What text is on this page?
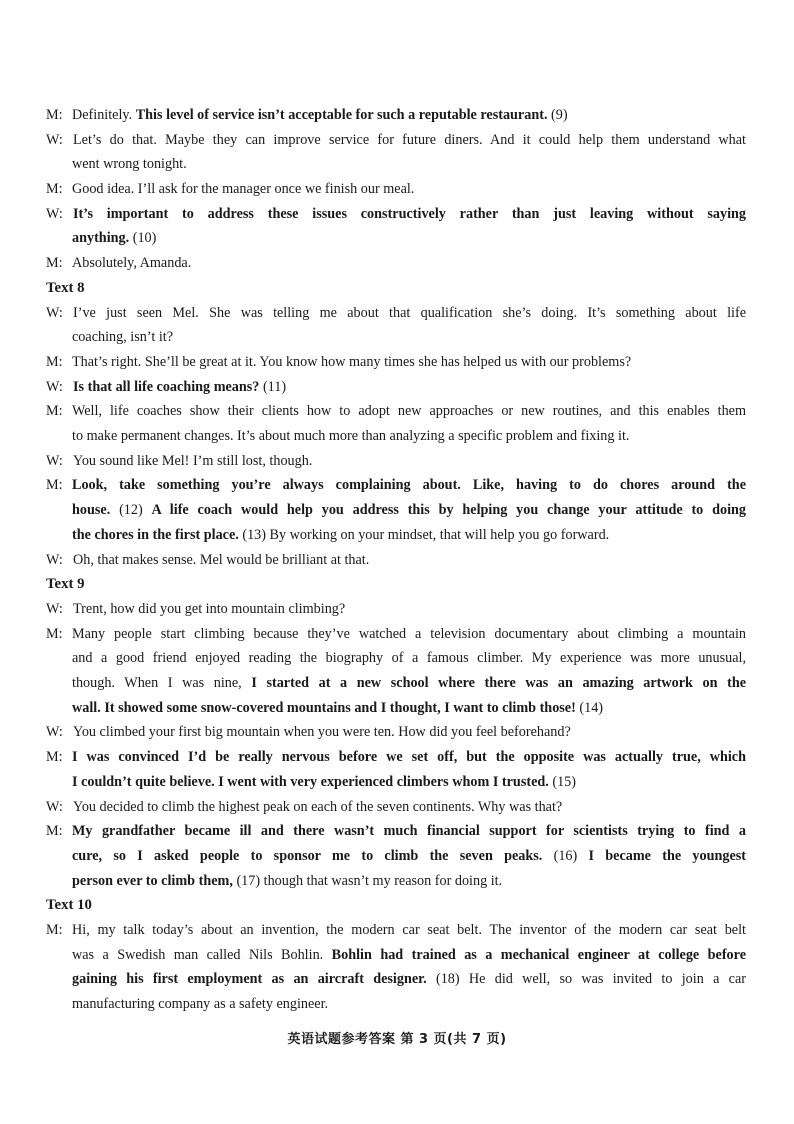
M: Definitely. This level of service isn’t acceptable for such a reputable restaurant. (9)
W: Let’s do that. Maybe they can improve service for future diners. And it could help them understand what
went wrong tonight.
M: Good idea. I’ll ask for the manager once we finish our meal.
W: It’s important to address these issues constructively rather than just leaving without saying
anything. (10)
M: Absolutely, Amanda.
Text 8
W: I’ve just seen Mel. She was telling me about that qualification she’s doing. It’s something about life
coaching, isn’t it?
M: That’s right. She’ll be great at it. You know how many times she has helped us with our problems?
W: Is that all life coaching means? (11)
M: Well, life coaches show their clients how to adopt new approaches or new routines, and this enables them
to make permanent changes. It’s about much more than analyzing a specific problem and fixing it.
W: You sound like Mel! I’m still lost, though.
M: Look, take something you’re always complaining about. Like, having to do chores around the
house. (12) A life coach would help you address this by helping you change your attitude to doing
the chores in the first place. (13) By working on your mindset, that will help you go forward.
W: Oh, that makes sense. Mel would be brilliant at that.
Text 9
W: Trent, how did you get into mountain climbing?
M: Many people start climbing because they’ve watched a television documentary about climbing a mountain
and a good friend enjoyed reading the biography of a famous climber. My experience was more unusual,
though. When I was nine, I started at a new school where there was an amazing artwork on the
wall. It showed some snow-covered mountains and I thought, I want to climb those! (14)
W: You climbed your first big mountain when you were ten. How did you feel beforehand?
M: I was convinced I’d be really nervous before we set off, but the opposite was actually true, which
I couldn’t quite believe. I went with very experienced climbers whom I trusted. (15)
W: You decided to climb the highest peak on each of the seven continents. Why was that?
M: My grandfather became ill and there wasn’t much financial support for scientists trying to find a
cure, so I asked people to sponsor me to climb the seven peaks. (16) I became the youngest
person ever to climb them, (17) though that wasn’t my reason for doing it.
Text 10
M: Hi, my talk today’s about an invention, the modern car seat belt. The inventor of the modern car seat belt
was a Swedish man called Nils Bohlin. Bohlin had trained as a mechanical engineer at college before
gaining his first employment as an aircraft designer. (18) He did well, so was invited to join a car
manufacturing company as a safety engineer.
英语试题参考答案 第 3 页(共 7 页)
